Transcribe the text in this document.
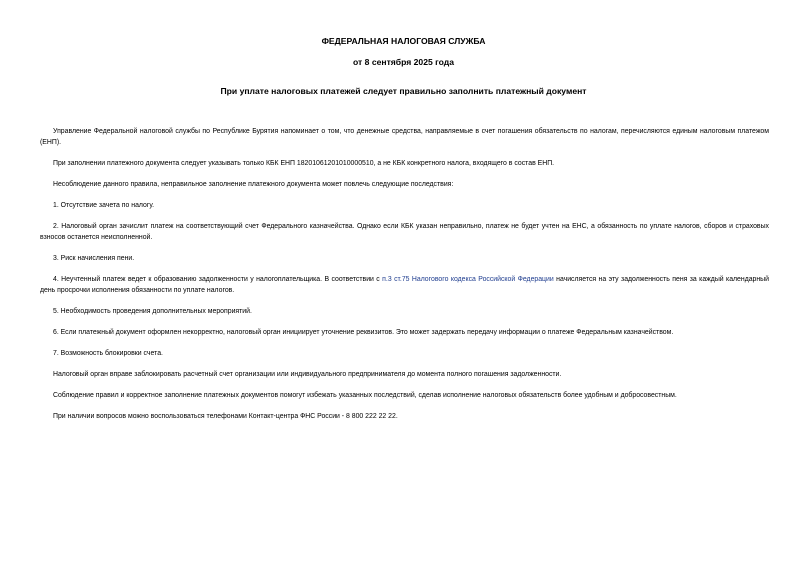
ФЕДЕРАЛЬНАЯ НАЛОГОВАЯ СЛУЖБА
от 8 сентября 2025 года
При уплате налоговых платежей следует правильно заполнить платежный документ

Управление Федеральной налоговой службы по Республике Бурятия напоминает о том, что денежные средства, направляемые в счет погашения обязательств по налогам, перечисляются единым налоговым платежом (ЕНП).

При заполнении платежного документа следует указывать только КБК ЕНП 18201061201010000510, а не КБК конкретного налога, входящего в состав ЕНП.

Несоблюдение данного правила, неправильное заполнение платежного документа может повлечь следующие последствия:

1. Отсутствие зачета по налогу.

2. Налоговый орган зачислит платеж на соответствующий счет Федерального казначейства. Однако если КБК указан неправильно, платеж не будет учтен на ЕНС, а обязанность по уплате налогов, сборов и страховых взносов останется неисполненной.

3. Риск начисления пени.

4. Неучтенный платеж ведет к образованию задолженности у налогоплательщика. В соответствии с п.3 ст.75 Налогового кодекса Российской Федерации начисляется на эту задолженность пеня за каждый календарный день просрочки исполнения обязанности по уплате налогов.

5. Необходимость проведения дополнительных мероприятий.

6. Если платежный документ оформлен некорректно, налоговый орган инициирует уточнение реквизитов. Это может задержать передачу информации о платеже Федеральным казначейством.

7. Возможность блокировки счета.

Налоговый орган вправе заблокировать расчетный счет организации или индивидуального предпринимателя до момента полного погашения задолженности.

Соблюдение правил и корректное заполнение платежных документов помогут избежать указанных последствий, сделав исполнение налоговых обязательств более удобным и добросовестным.

При наличии вопросов можно воспользоваться телефонами Контакт-центра ФНС России - 8 800 222 22 22.
